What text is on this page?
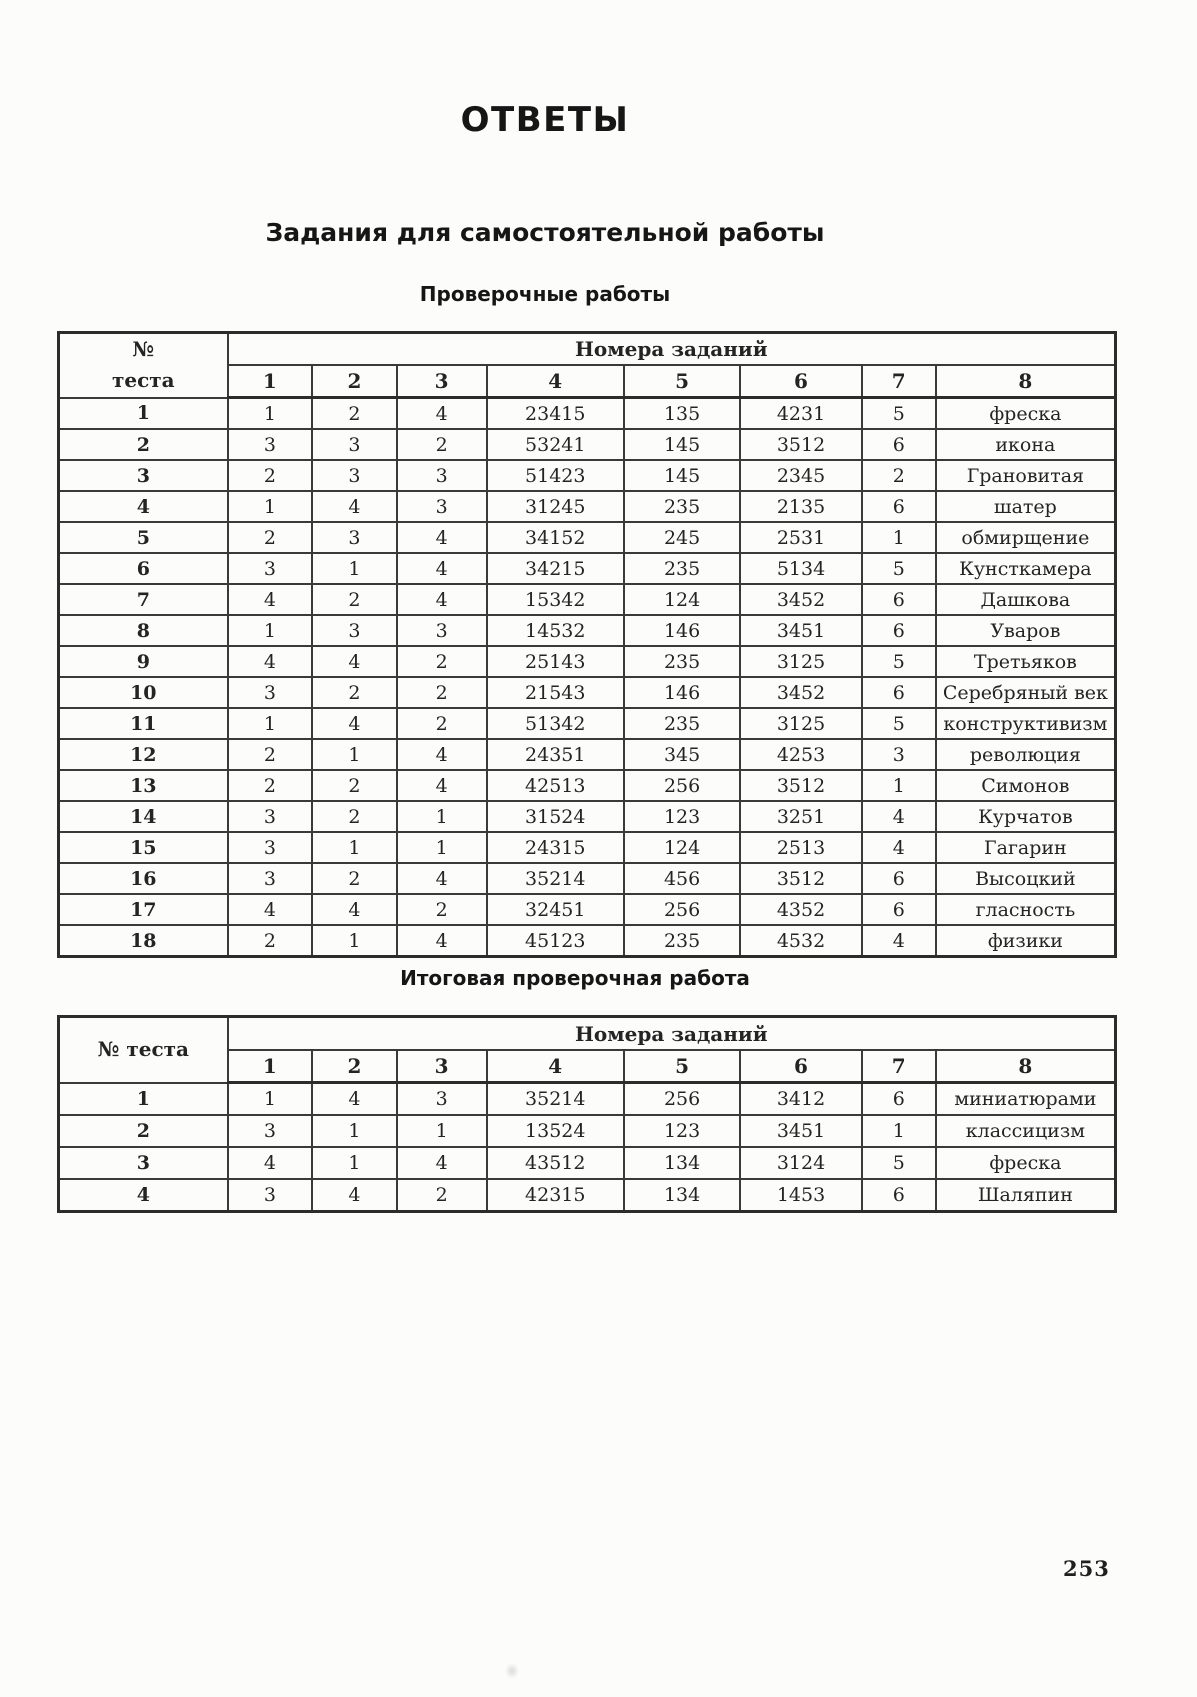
ОТВЕТЫ
Задания для самостоятельной работы
Проверочные работы
№
теста	Номера заданий							
	1	2	3	4	5	6	7	8
1	1	2	4	23415	135	4231	5	фреска
2	3	3	2	53241	145	3512	6	икона
3	2	3	3	51423	145	2345	2	Грановитая
4	1	4	3	31245	235	2135	6	шатер
5	2	3	4	34152	245	2531	1	обмирщение
6	3	1	4	34215	235	5134	5	Кунсткамера
7	4	2	4	15342	124	3452	6	Дашкова
8	1	3	3	14532	146	3451	6	Уваров
9	4	4	2	25143	235	3125	5	Третьяков
10	3	2	2	21543	146	3452	6	Серебряный век
11	1	4	2	51342	235	3125	5	конструктивизм
12	2	1	4	24351	345	4253	3	революция
13	2	2	4	42513	256	3512	1	Симонов
14	3	2	1	31524	123	3251	4	Курчатов
15	3	1	1	24315	124	2513	4	Гагарин
16	3	2	4	35214	456	3512	6	Высоцкий
17	4	4	2	32451	256	4352	6	гласность
18	2	1	4	45123	235	4532	4	физики
Итоговая проверочная работа
№ теста	Номера заданий							
	1	2	3	4	5	6	7	8
1	1	4	3	35214	256	3412	6	миниатюрами
2	3	1	1	13524	123	3451	1	классицизм
3	4	1	4	43512	134	3124	5	фреска
4	3	4	2	42315	134	1453	6	Шаляпин
253
